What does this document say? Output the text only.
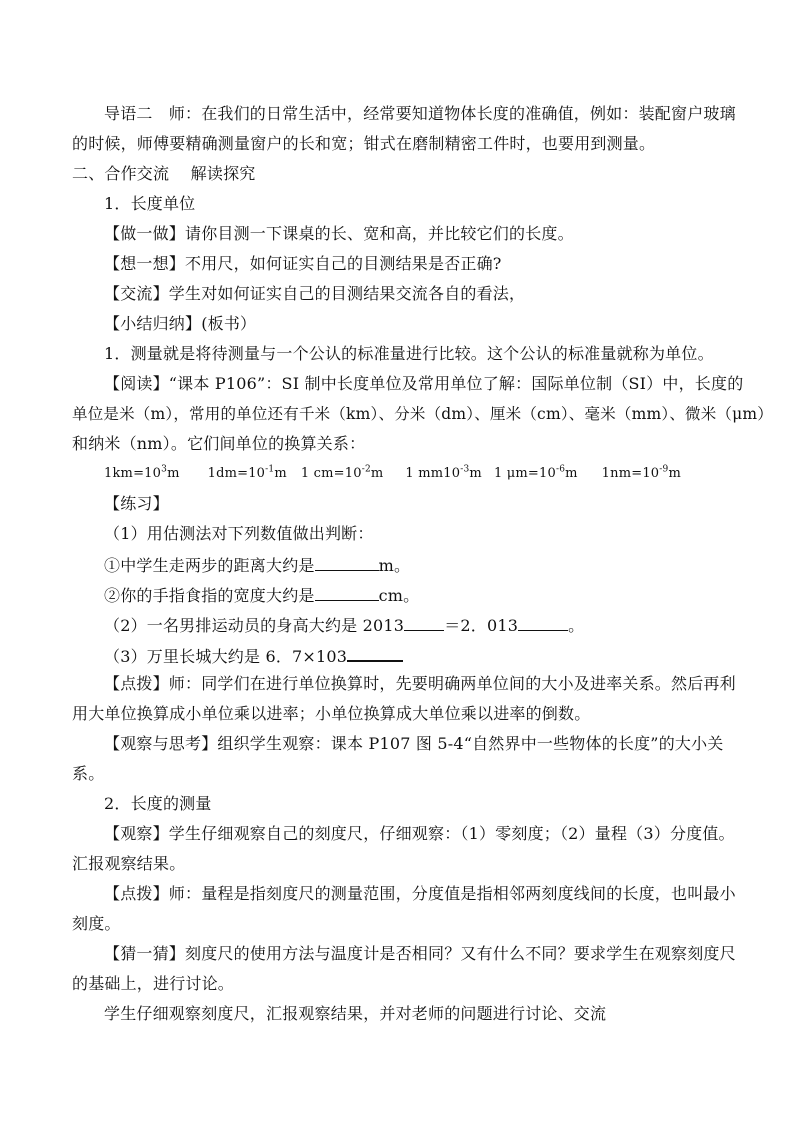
导语二　师：在我们的日常生活中，经常要知道物体长度的准确值，例如：装配窗户玻璃
的时候，师傅要精确测量窗户的长和宽；钳式在磨制精密工件时，也要用到测量。
二、合作交流　 解读探究
1．长度单位
【做一做】请你目测一下课桌的长、宽和高，并比较它们的长度。
【想一想】不用尺，如何证实自己的目测结果是否正确?
【交流】学生对如何证实自己的目测结果交流各自的看法，
【小结归纳】(板书）
1．测量就是将待测量与一个公认的标准量进行比较。这个公认的标准量就称为单位。
【阅读】“课本 P106”：SI 制中长度单位及常用单位了解：国际单位制（SI）中，长度的
单位是米（m），常用的单位还有千米（km）、分米（dm）、厘米（cm）、毫米（mm）、微米（μm）
和纳米（nm）。它们间单位的换算关系：
$1km=10^3m$ $1dm=10^{-1}m$ 1 $cm=10^{-2}m$ 1 $mm10^{-3}m$ 1 $\mu m=10^{-6}m$ $1nm=10^{-9}m$
【练习】
（1）用估测法对下列数值做出判断：
①中学生走两步的距离大约是	m。
②你的手指食指的宽度大约是	cm。
（2）一名男排运动员的身高大约是 2013	＝2．013	。
（3）万里长城大约是 6．7×103
【点拨】师：同学们在进行单位换算时，先要明确两单位间的大小及进率关系。然后再利
用大单位换算成小单位乘以进率；小单位换算成大单位乘以进率的倒数。
【观察与思考】组织学生观察：课本 P107 图 5-4“自然界中一些物体的长度”的大小关
系。
2．长度的测量
【观察】学生仔细观察自己的刻度尺，仔细观察：（1）零刻度；（2）量程（3）分度值。
汇报观察结果。
【点拨】师：量程是指刻度尺的测量范围，分度值是指相邻两刻度线间的长度，也叫最小
刻度。
【猜一猜】刻度尺的使用方法与温度计是否相同？又有什么不同？要求学生在观察刻度尺
的基础上，进行讨论。
学生仔细观察刻度尺，汇报观察结果，并对老师的问题进行讨论、交流
